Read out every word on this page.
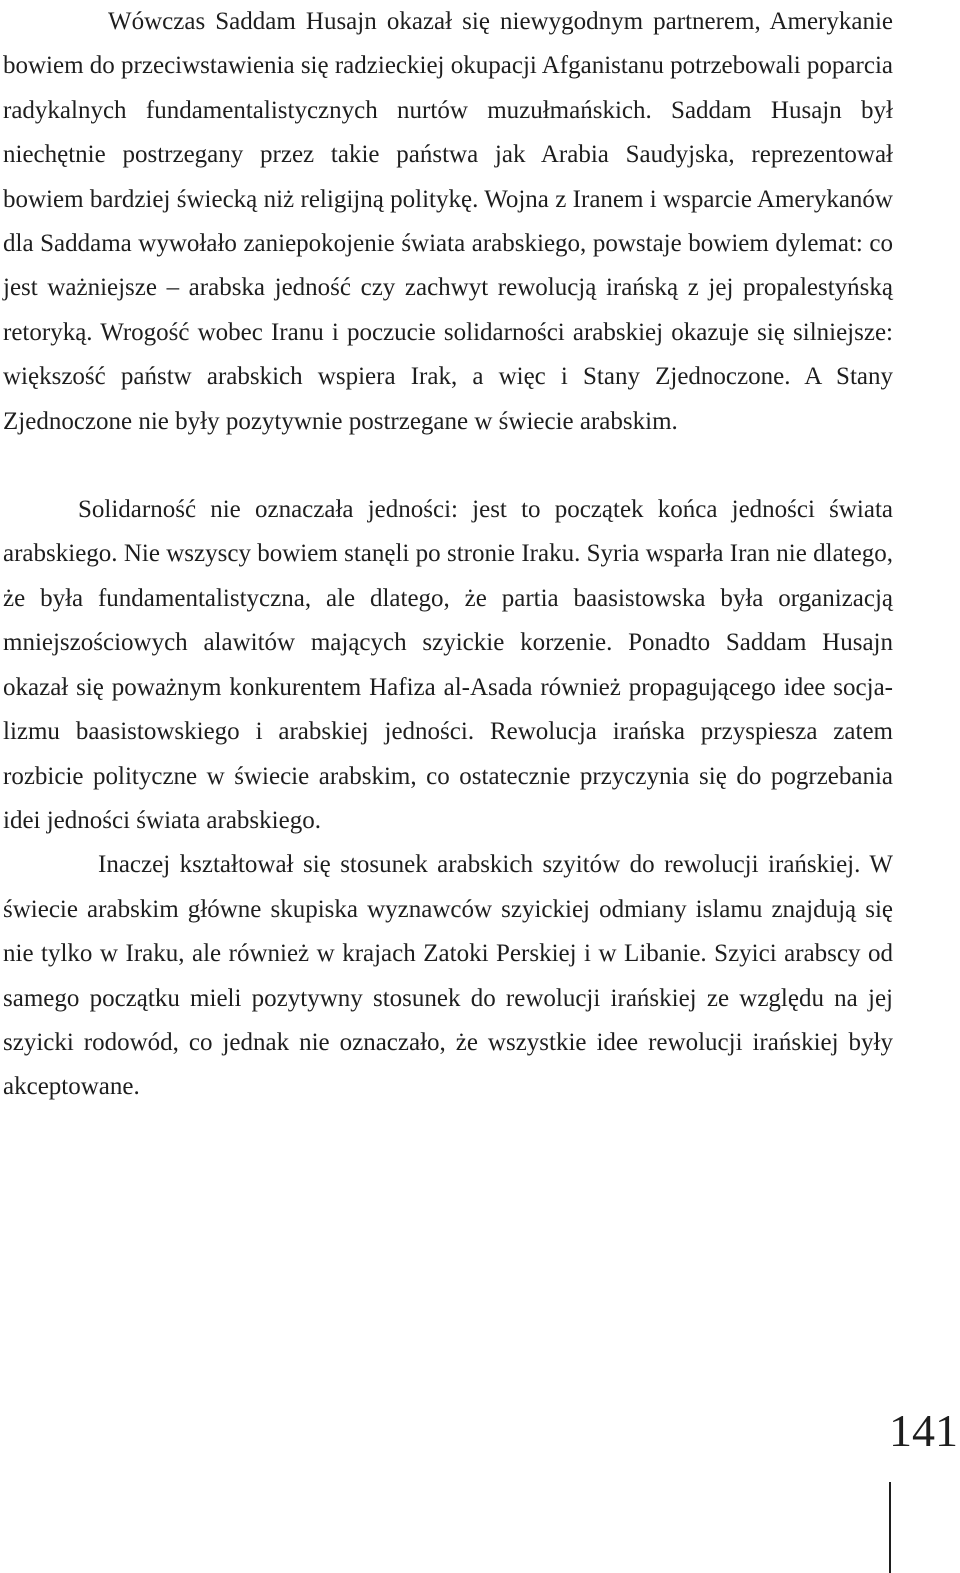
Wówczas Saddam Husajn okazał się niewygodnym partnerem, Amerykanie bowiem do przeciwstawienia się radzieckiej okupacji Afganistanu potrzebowali poparcia radykalnych fundamentalistycznych nurtów muzułmańskich. Saddam Husajn był niechętnie postrzegany przez takie państwa jak Arabia Saudyjska, reprezentował bowiem bardziej świecką niż religijną politykę. Wojna z Iranem i wsparcie Amerykanów dla Saddama wywołało zaniepokojenie świata arabskiego, powstaje bowiem dylemat: co jest ważniejsze – arabska jedność czy zachwyt rewolucją irańską z jej propalestyńską retoryką. Wrogość wobec Iranu i poczucie solidarności arabskiej okazuje się silniejsze: większość państw arabskich wspiera Irak, a więc i Stany Zjednoczone. A Stany Zjednoczone nie były pozytywnie postrzegane w świecie arabskim.

Solidarność nie oznaczała jedności: jest to początek końca jedności świata arabskiego. Nie wszyscy bowiem stanęli po stronie Iraku. Syria wsparła Iran nie dlatego, że była fundamentalistyczna, ale dlatego, że partia baasistowska była organizacją mniejszościowych alawitów mających szyickie korzenie. Ponadto Saddam Husajn okazał się poważnym konkurentem Hafiza al-Asada również propagującego idee socjalizmu baasistowskiego i arabskiej jedności. Rewolucja irańska przyspiesza zatem rozbicie polityczne w świecie arabskim, co ostatecznie przyczynia się do pogrzebania idei jedności świata arabskiego.

Inaczej kształtował się stosunek arabskich szyitów do rewolucji irańskiej. W świecie arabskim główne skupiska wyznawców szyickiej odmiany islamu znajdują się nie tylko w Iraku, ale również w krajach Zatoki Perskiej i w Libanie. Szyici arabscy od samego początku mieli pozytywny stosunek do rewolucji irańskiej ze względu na jej szyicki rodowód, co jednak nie oznaczało, że wszystkie idee rewolucji irańskiej były akceptowane.

141
